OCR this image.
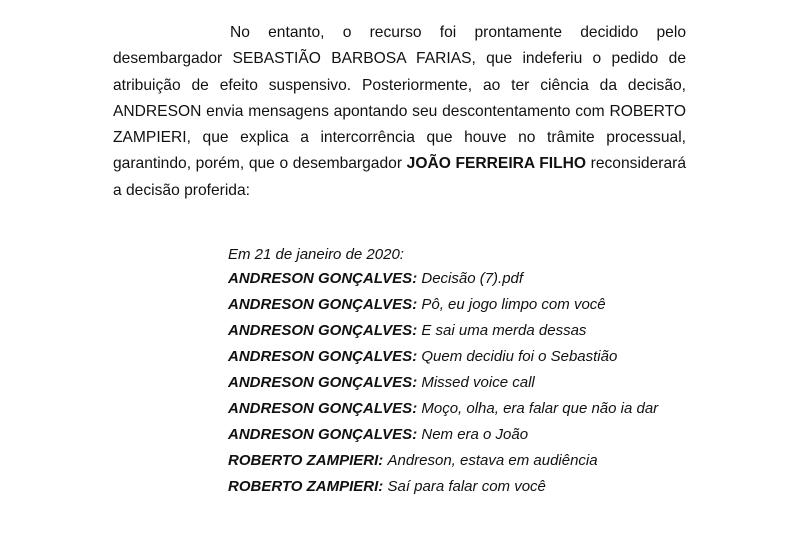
No entanto, o recurso foi prontamente decidido pelo desembargador SEBASTIÃO BARBOSA FARIAS, que indeferiu o pedido de atribuição de efeito suspensivo. Posteriormente, ao ter ciência da decisão, ANDRESON envia mensagens apontando seu descontentamento com ROBERTO ZAMPIERI, que explica a intercorrência que houve no trâmite processual, garantindo, porém, que o desembargador JOÃO FERREIRA FILHO reconsiderará a decisão proferida:

Em 21 de janeiro de 2020:
ANDRESON GONÇALVES: Decisão (7).pdf
ANDRESON GONÇALVES: Pô, eu jogo limpo com você
ANDRESON GONÇALVES: E sai uma merda dessas
ANDRESON GONÇALVES: Quem decidiu foi o Sebastião
ANDRESON GONÇALVES: Missed voice call
ANDRESON GONÇALVES: Moço, olha, era falar que não ia dar
ANDRESON GONÇALVES: Nem era o João
ROBERTO ZAMPIERI: Andreson, estava em audiência
ROBERTO ZAMPIERI: Saí para falar com você
